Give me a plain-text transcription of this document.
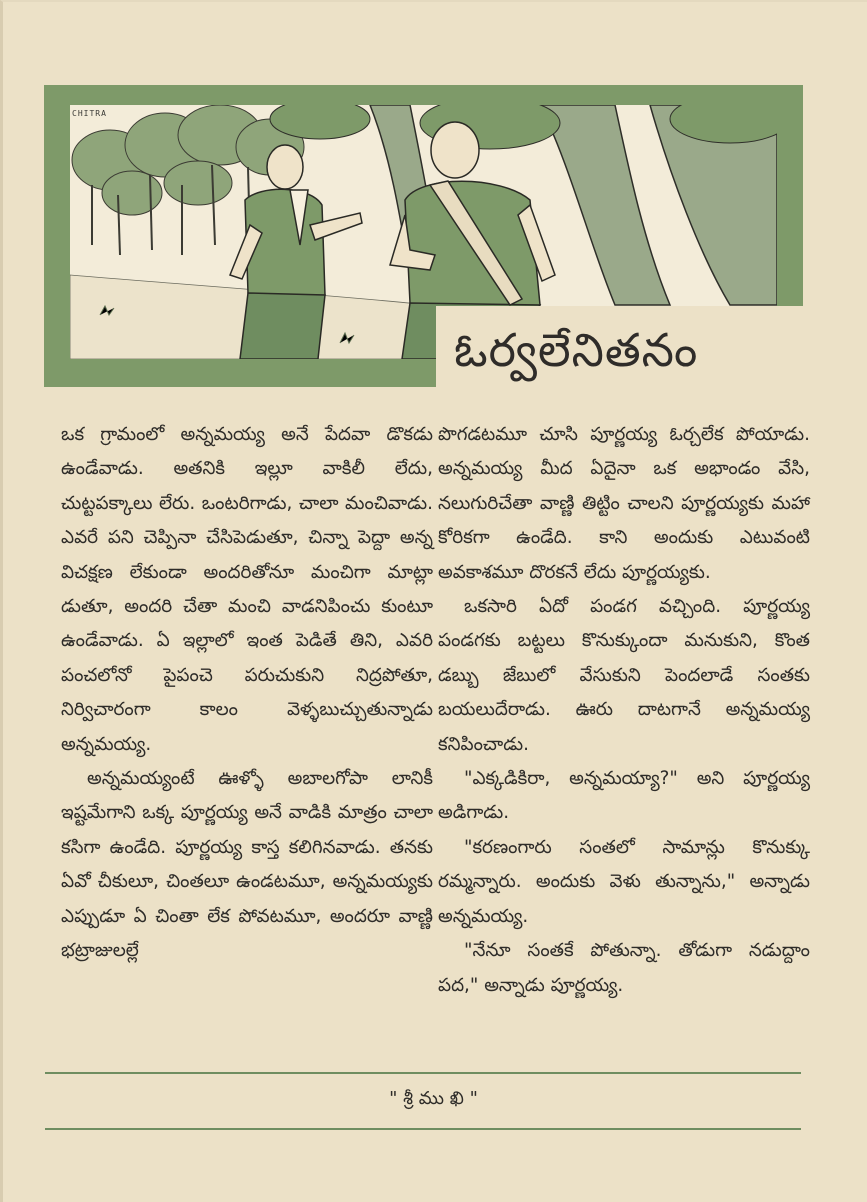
CHITRA
ఓర్వలేనితనం

ఒక గ్రామంలో అన్నమయ్య అనే పేదవా డొకడు ఉండేవాడు. అతనికి ఇల్లూ వాకిలీ లేదు, చుట్టపక్కాలు లేరు. ఒంటరిగాడు, చాలా మంచివాడు. ఎవరే పని చెప్పినా చేసిపెడుతూ, చిన్నా పెద్దా అన్న విచక్షణ లేకుండా అందరితోనూ మంచిగా మాట్లా డుతూ, అందరి చేతా మంచి వాడనిపించు కుంటూ ఉండేవాడు. ఏ ఇల్లాలో ఇంత పెడితే తిని, ఎవరి పంచలోనో పైపంచె పరుచుకుని నిద్రపోతూ, నిర్విచారంగా కాలం వెళ్ళబుచ్చుతున్నాడు అన్నమయ్య.

అన్నమయ్యంటే ఊళ్ళో అబాలగోపా లానికీ ఇష్టమేగాని ఒక్క పూర్ణయ్య అనే వాడికి మాత్రం చాలా కసిగా ఉండేది. పూర్ణయ్య కాస్త కలిగినవాడు. తనకు ఏవో చీకులూ, చింతలూ ఉండటమూ, అన్నమయ్యకు ఎప్పుడూ ఏ చింతా లేక పోవటమూ, అందరూ వాణ్ణి భట్రాజులల్లే

పొగడటమూ చూసి పూర్ణయ్య ఓర్చలేక పోయాడు. అన్నమయ్య మీద ఏదైనా ఒక అభాండం వేసి, నలుగురిచేతా వాణ్ణి తిట్టిం చాలని పూర్ణయ్యకు మహా కోరికగా ఉండేది. కాని అందుకు ఎటువంటి అవకాశమూ దొరకనే లేదు పూర్ణయ్యకు.

ఒకసారి ఏదో పండగ వచ్చింది. పూర్ణయ్య పండగకు బట్టలు కొనుక్కుందా మనుకుని, కొంత డబ్బు జేబులో వేసుకుని పెందలాడే సంతకు బయలుదేరాడు. ఊరు దాటగానే అన్నమయ్య కనిపించాడు.

"ఎక్కడికిరా, అన్నమయ్యా?" అని పూర్ణయ్య అడిగాడు.

"కరణంగారు సంతలో సామాన్లు కొనుక్కు రమ్మన్నారు. అందుకు వెళు తున్నాను," అన్నాడు అన్నమయ్య.

"నేనూ సంతకే పోతున్నా. తోడుగా నడుద్దాం పద," అన్నాడు పూర్ణయ్య.

" శ్రీ ము ఖి "
